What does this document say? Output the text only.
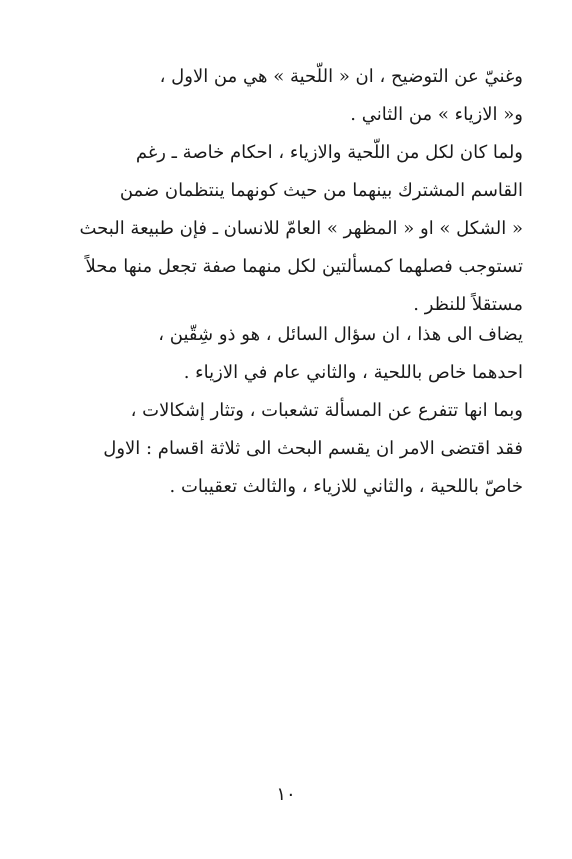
وغنيّ عن التوضيح ، ان « اللّحية » هي من الاول ،
و« الازياء » من الثاني .

ولما كان لكل من اللّحية والازياء ، احكام خاصة ـ رغم
القاسم المشترك بينهما من حيث كونهما ينتظمان ضمن
« الشكل » او « المظهر » العامّ للانسان ـ فإن طبيعة البحث
تستوجب فصلهما كمسألتين لكل منهما صفة تجعل منها محلاً
مستقلاً للنظر .

يضاف الى هذا ، ان سؤال السائل ، هو ذو شِقّين ،
احدهما خاص باللحية ، والثاني عام في الازياء .

وبما انها تتفرع عن المسألة تشعبات ، وتثار إشكالات ،
فقد اقتضى الامر ان يقسم البحث الى ثلاثة اقسام : الاول
خاصّ باللحية ، والثاني للازياء ، والثالث تعقيبات .

١٠
